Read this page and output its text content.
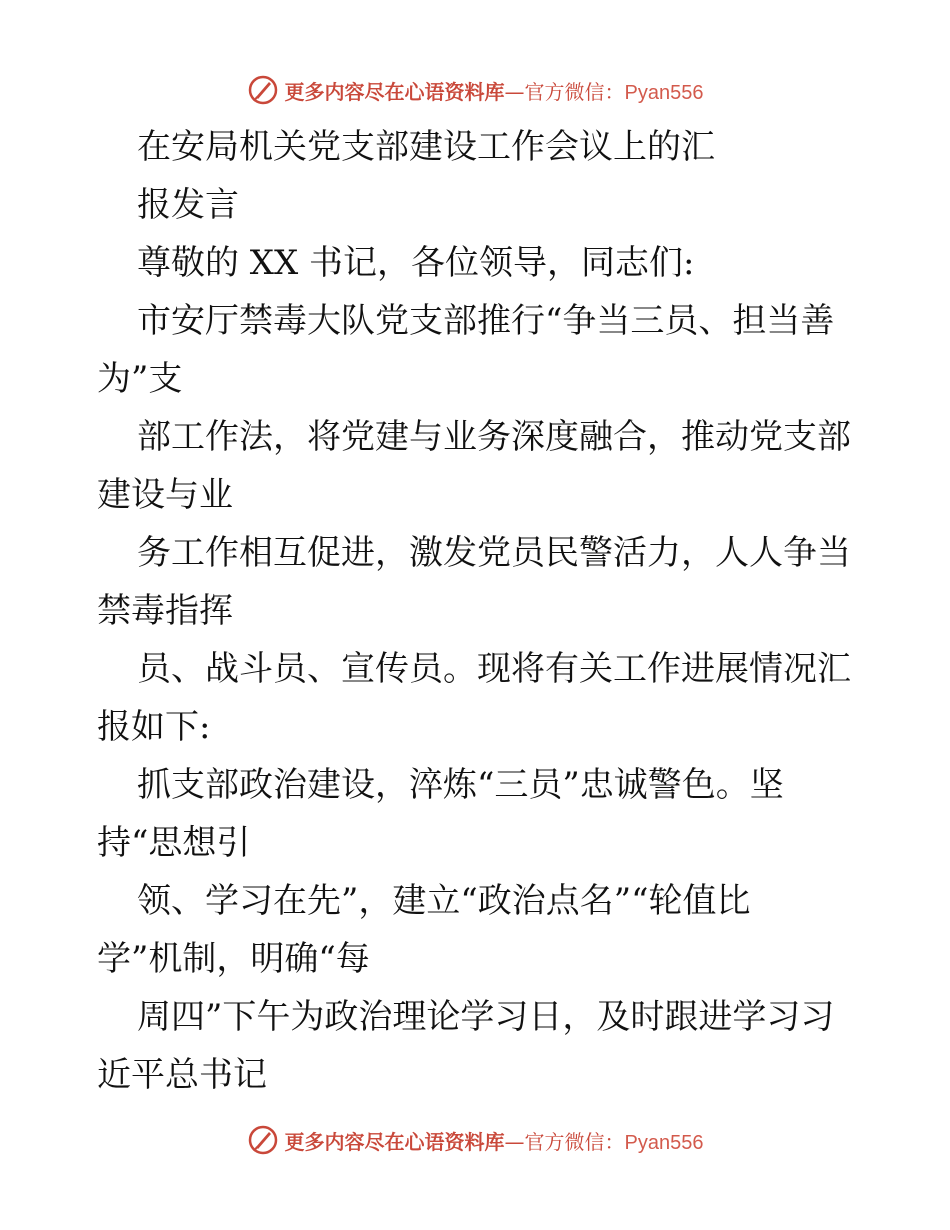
更多内容尽在心语资料库—官方微信：Pyan556
在安局机关党支部建设工作会议上的汇
报发言
尊敬的 XX 书记，各位领导，同志们:
市安厅禁毒大队党支部推行“争当三员、担当善
为”支
部工作法，将党建与业务深度融合，推动党支部
建设与业
务工作相互促进，激发党员民警活力，人人争当
禁毒指挥
员、战斗员、宣传员。现将有关工作进展情况汇
报如下:
抓支部政治建设，淬炼“三员”忠诚警色。坚
持“思想引
领、学习在先”，建立“政治点名”“轮值比
学”机制，明确“每
周四”下午为政治理论学习日，及时跟进学习习
近平总书记
更多内容尽在心语资料库—官方微信：Pyan556
